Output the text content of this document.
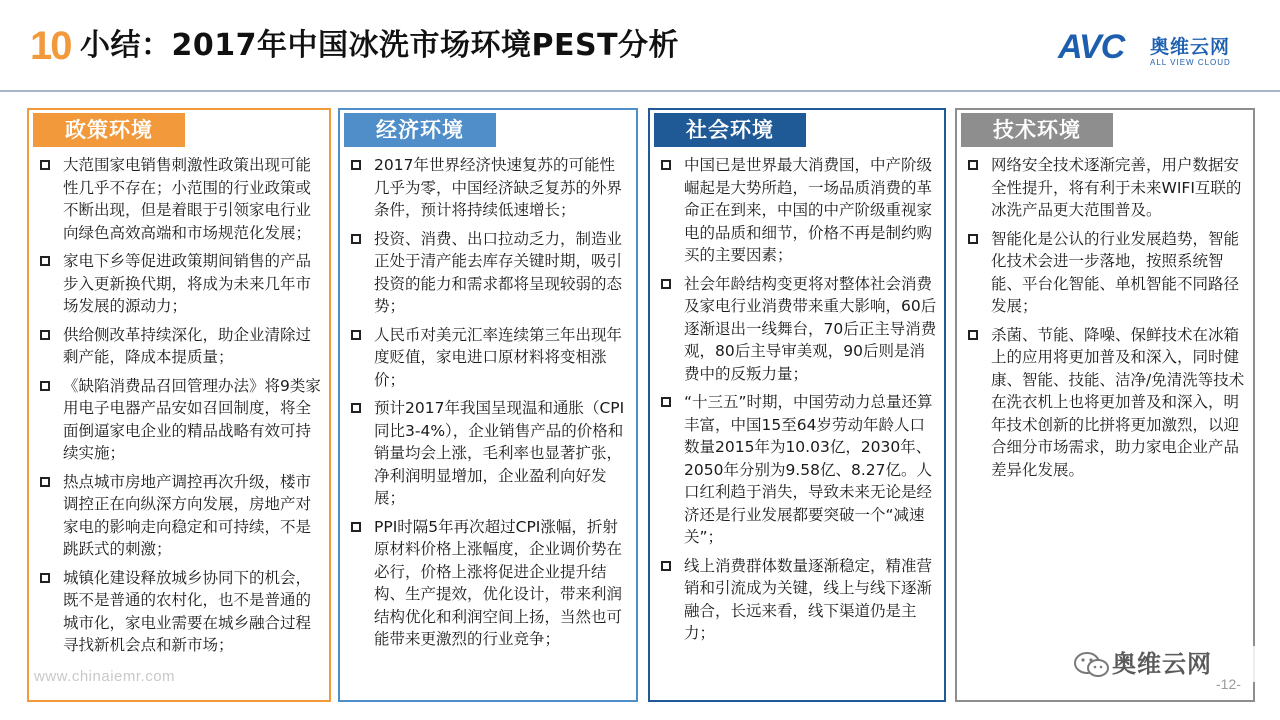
10 小结：2017年中国冰洗市场环境PEST分析	AVC 奥维云网
ALL VIEW CLOUD
政策环境
大范围家电销售刺激性政策出现可能性几乎不存在；小范围的行业政策或不断出现，但是着眼于引领家电行业向绿色高效高端和市场规范化发展；
家电下乡等促进政策期间销售的产品步入更新换代期，将成为未来几年市场发展的源动力；
供给侧改革持续深化，助企业清除过剩产能，降成本提质量；
《缺陷消费品召回管理办法》将9类家用电子电器产品安如召回制度，将全面倒逼家电企业的精品战略有效可持续实施；
热点城市房地产调控再次升级，楼市调控正在向纵深方向发展，房地产对家电的影响走向稳定和可持续，不是跳跃式的刺激；
城镇化建设释放城乡协同下的机会，既不是普通的农村化，也不是普通的城市化，家电业需要在城乡融合过程寻找新机会点和新市场；
经济环境
2017年世界经济快速复苏的可能性几乎为零，中国经济缺乏复苏的外界条件，预计将持续低速增长；
投资、消费、出口拉动乏力，制造业正处于清产能去库存关键时期，吸引投资的能力和需求都将呈现较弱的态势；
人民币对美元汇率连续第三年出现年度贬值，家电进口原材料将变相涨价；
预计2017年我国呈现温和通胀（CPI同比3-4%），企业销售产品的价格和销量均会上涨，毛利率也显著扩张，净利润明显增加，企业盈利向好发展；
PPI时隔5年再次超过CPI涨幅，折射原材料价格上涨幅度，企业调价势在必行，价格上涨将促进企业提升结构、生产提效，优化设计，带来利润结构优化和利润空间上扬，当然也可能带来更激烈的行业竞争；
社会环境
中国已是世界最大消费国，中产阶级崛起是大势所趋，一场品质消费的革命正在到来，中国的中产阶级重视家电的品质和细节，价格不再是制约购买的主要因素；
社会年龄结构变更将对整体社会消费及家电行业消费带来重大影响，60后逐渐退出一线舞台，70后正主导消费观，80后主导审美观，90后则是消费中的反叛力量；
“十三五”时期，中国劳动力总量还算丰富，中国15至64岁劳动年龄人口数量2015年为10.03亿，2030年、2050年分别为9.58亿、8.27亿。人口红利趋于消失，导致未来无论是经济还是行业发展都要突破一个“减速关”；
线上消费群体数量逐渐稳定，精准营销和引流成为关键，线上与线下逐渐融合，长远来看，线下渠道仍是主力；
技术环境
网络安全技术逐渐完善，用户数据安全性提升，将有利于未来WIFI互联的冰洗产品更大范围普及。
智能化是公认的行业发展趋势，智能化技术会进一步落地，按照系统智能、平台化智能、单机智能不同路径发展；
杀菌、节能、降噪、保鲜技术在冰箱上的应用将更加普及和深入，同时健康、智能、技能、洁净/免清洗等技术在洗衣机上也将更加普及和深入，明年技术创新的比拼将更加激烈，以迎合细分市场需求，助力家电企业产品差异化发展。
www.chinaiemr.com	奥维云网
-12-
